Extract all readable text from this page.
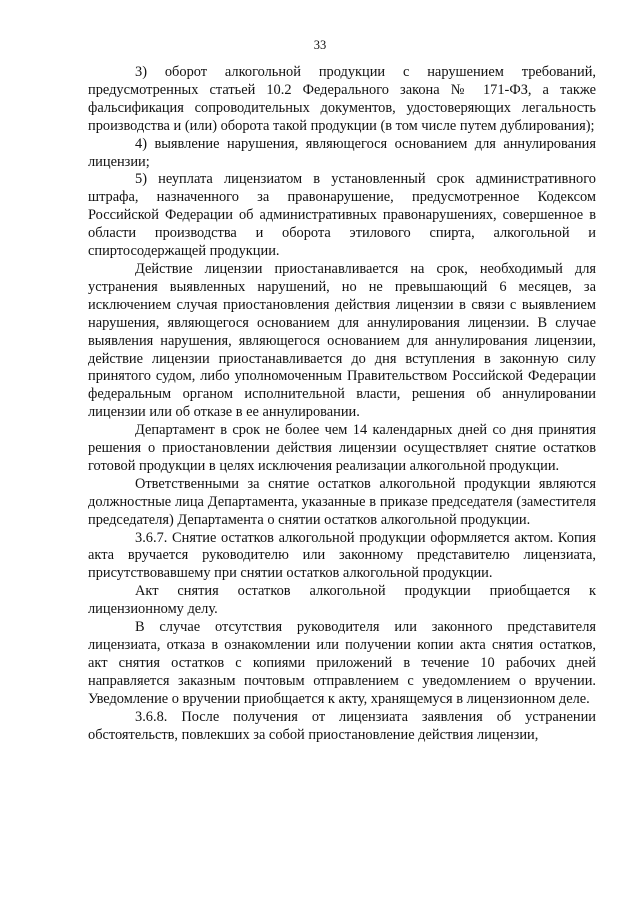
33

3) оборот алкогольной продукции с нарушением требований, предусмотренных статьей 10.2 Федерального закона № 171-ФЗ, а также фальсификация сопроводительных документов, удостоверяющих легальность производства и (или) оборота такой продукции (в том числе путем дублирования);

4) выявление нарушения, являющегося основанием для аннулирования лицензии;

5) неуплата лицензиатом в установленный срок административного штрафа, назначенного за правонарушение, предусмотренное Кодексом Российской Федерации об административных правонарушениях, совершенное в области производства и оборота этилового спирта, алкогольной и спиртосодержащей продукции.

Действие лицензии приостанавливается на срок, необходимый для устранения выявленных нарушений, но не превышающий 6 месяцев, за исключением случая приостановления действия лицензии в связи с выявлением нарушения, являющегося основанием для аннулирования лицензии. В случае выявления нарушения, являющегося основанием для аннулирования лицензии, действие лицензии приостанавливается до дня вступления в законную силу принятого судом, либо уполномоченным Правительством Российской Федерации федеральным органом исполнительной власти, решения об аннулировании лицензии или об отказе в ее аннулировании.

Департамент в срок не более чем 14 календарных дней со дня принятия решения о приостановлении действия лицензии осуществляет снятие остатков готовой продукции в целях исключения реализации алкогольной продукции.

Ответственными за снятие остатков алкогольной продукции являются должностные лица Департамента, указанные в приказе председателя (заместителя председателя) Департамента о снятии остатков алкогольной продукции.

3.6.7. Снятие остатков алкогольной продукции оформляется актом. Копия акта вручается руководителю или законному представителю лицензиата, присутствовавшему при снятии остатков алкогольной продукции.

Акт снятия остатков алкогольной продукции приобщается к лицензионному делу.

В случае отсутствия руководителя или законного представителя лицензиата, отказа в ознакомлении или получении копии акта снятия остатков, акт снятия остатков с копиями приложений в течение 10 рабочих дней направляется заказным почтовым отправлением с уведомлением о вручении. Уведомление о вручении приобщается к акту, хранящемуся в лицензионном деле.

3.6.8. После получения от лицензиата заявления об устранении обстоятельств, повлекших за собой приостановление действия лицензии,
